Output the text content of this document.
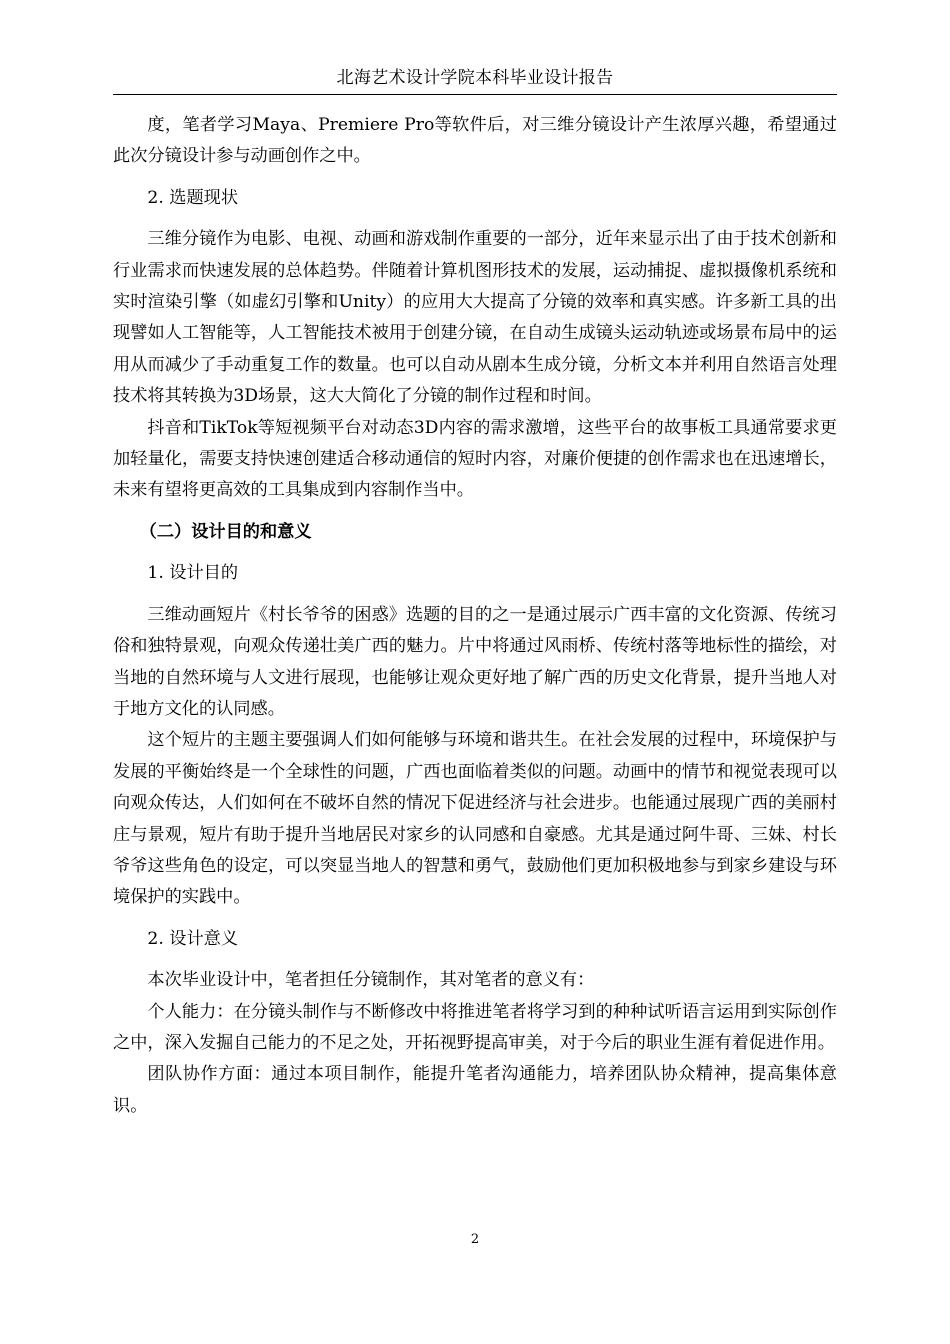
北海艺术设计学院本科毕业设计报告

度，笔者学习Maya、Premiere Pro等软件后，对三维分镜设计产生浓厚兴趣，希望通过此次分镜设计参与动画创作之中。

2. 选题现状

三维分镜作为电影、电视、动画和游戏制作重要的一部分，近年来显示出了由于技术创新和行业需求而快速发展的总体趋势。伴随着计算机图形技术的发展，运动捕捉、虚拟摄像机系统和实时渲染引擎（如虚幻引擎和Unity）的应用大大提高了分镜的效率和真实感。许多新工具的出现譬如人工智能等，人工智能技术被用于创建分镜，在自动生成镜头运动轨迹或场景布局中的运用从而减少了手动重复工作的数量。也可以自动从剧本生成分镜，分析文本并利用自然语言处理技术将其转换为3D场景，这大大简化了分镜的制作过程和时间。

抖音和TikTok等短视频平台对动态3D内容的需求激增，这些平台的故事板工具通常要求更加轻量化，需要支持快速创建适合移动通信的短时内容，对廉价便捷的创作需求也在迅速增长，未来有望将更高效的工具集成到内容制作当中。

（二）设计目的和意义

1. 设计目的

三维动画短片《村长爷爷的困惑》选题的目的之一是通过展示广西丰富的文化资源、传统习俗和独特景观，向观众传递壮美广西的魅力。片中将通过风雨桥、传统村落等地标性的描绘，对当地的自然环境与人文进行展现，也能够让观众更好地了解广西的历史文化背景，提升当地人对于地方文化的认同感。

这个短片的主题主要强调人们如何能够与环境和谐共生。在社会发展的过程中，环境保护与发展的平衡始终是一个全球性的问题，广西也面临着类似的问题。动画中的情节和视觉表现可以向观众传达，人们如何在不破坏自然的情况下促进经济与社会进步。也能通过展现广西的美丽村庄与景观，短片有助于提升当地居民对家乡的认同感和自豪感。尤其是通过阿牛哥、三妹、村长爷爷这些角色的设定，可以突显当地人的智慧和勇气，鼓励他们更加积极地参与到家乡建设与环境保护的实践中。

2. 设计意义

本次毕业设计中，笔者担任分镜制作，其对笔者的意义有：

个人能力：在分镜头制作与不断修改中将推进笔者将学习到的种种试听语言运用到实际创作之中，深入发掘自己能力的不足之处，开拓视野提高审美，对于今后的职业生涯有着促进作用。

团队协作方面：通过本项目制作，能提升笔者沟通能力，培养团队协众精神，提高集体意识。

2
